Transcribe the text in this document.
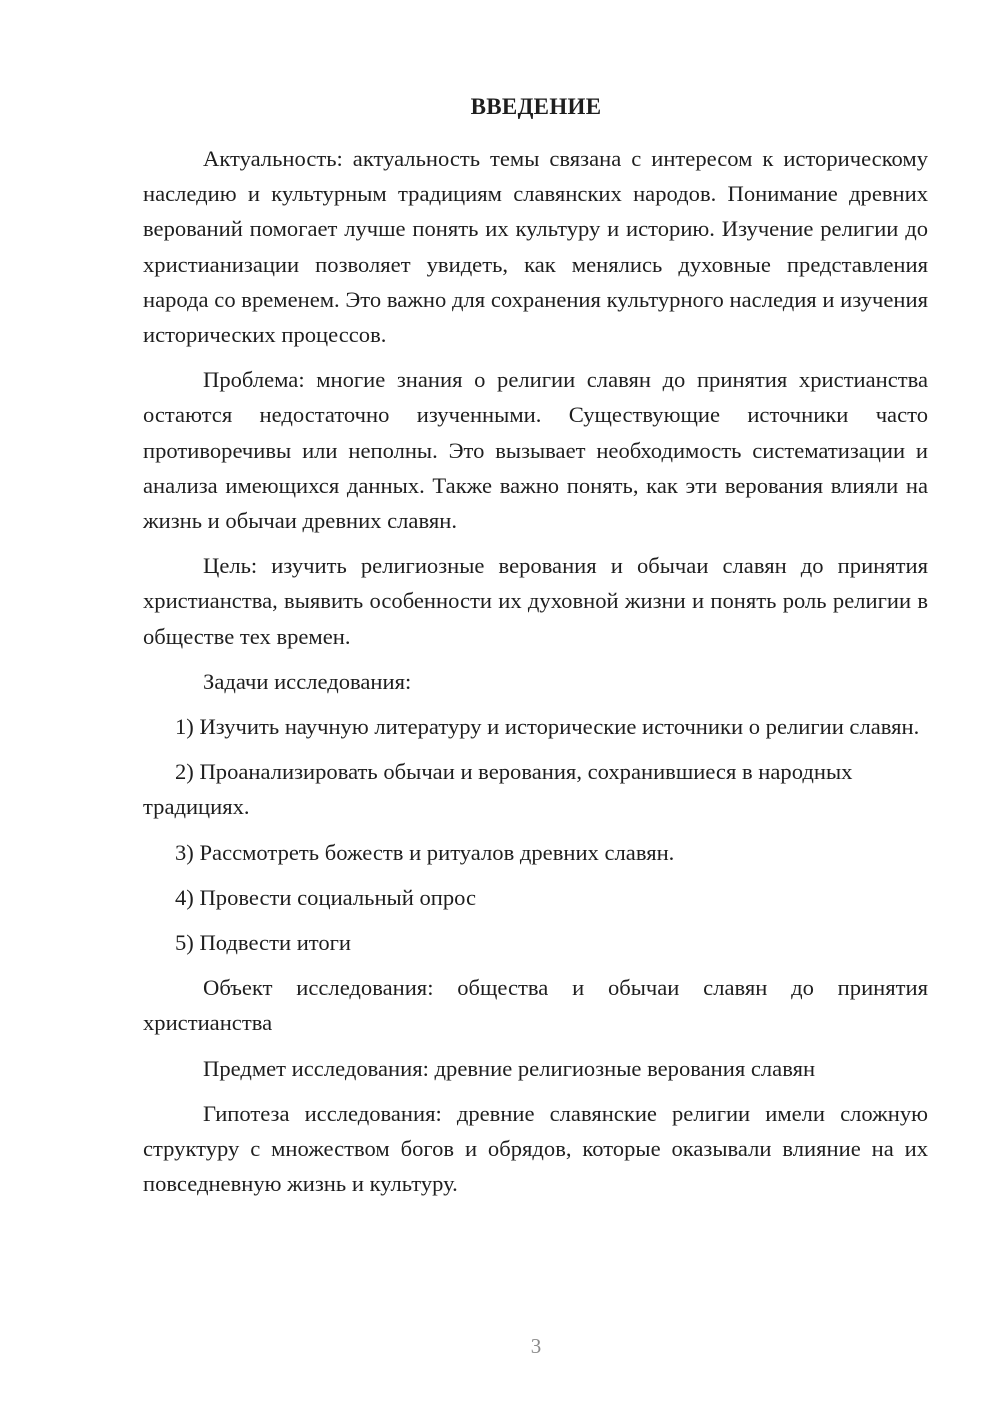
ВВЕДЕНИЕ

Актуальность: актуальность темы связана с интересом к историческому наследию и культурным традициям славянских народов. Понимание древних верований помогает лучше понять их культуру и историю. Изучение религии до христианизации позволяет увидеть, как менялись духовные представления народа со временем. Это важно для сохранения культурного наследия и изучения исторических процессов.

Проблема: многие знания о религии славян до принятия христианства остаются недостаточно изученными. Существующие источники часто противоречивы или неполны. Это вызывает необходимость систематизации и анализа имеющихся данных. Также важно понять, как эти верования влияли на жизнь и обычаи древних славян.

Цель: изучить религиозные верования и обычаи славян до принятия христианства, выявить особенности их духовной жизни и понять роль религии в обществе тех времен.

Задачи исследования:

1) Изучить научную литературу и исторические источники о религии славян.

2) Проанализировать обычаи и верования, сохранившиеся в народных традициях.

3) Рассмотреть божеств и ритуалов древних славян.

4) Провести социальный опрос

5) Подвести итоги

Объект исследования: общества и обычаи славян до принятия христианства

Предмет исследования: древние религиозные верования славян

Гипотеза исследования: древние славянские религии имели сложную структуру с множеством богов и обрядов, которые оказывали влияние на их повседневную жизнь и культуру.

3
